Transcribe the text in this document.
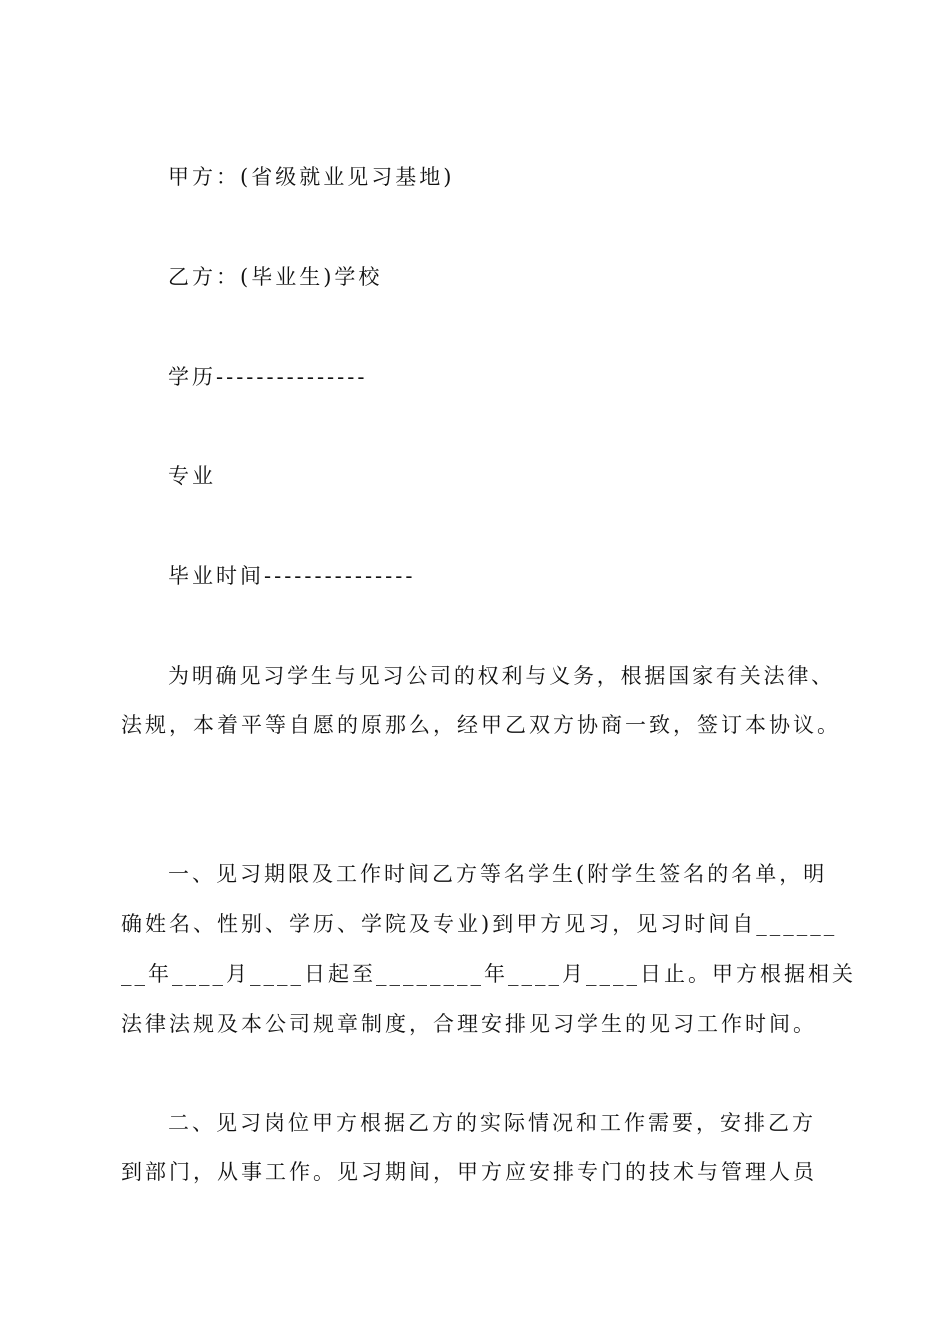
甲方：(省级就业见习基地)
乙方：(毕业生)学校
学历---------------
专业
毕业时间---------------
为明确见习学生与见习公司的权利与义务，根据国家有关法律、
法规，本着平等自愿的原那么，经甲乙双方协商一致，签订本协议。
一、见习期限及工作时间乙方等名学生(附学生签名的名单，明
确姓名、性别、学历、学院及专业)到甲方见习，见习时间自______
__年____月____日起至________年____月____日止。甲方根据相关
法律法规及本公司规章制度，合理安排见习学生的见习工作时间。
二、见习岗位甲方根据乙方的实际情况和工作需要，安排乙方
到部门，从事工作。见习期间，甲方应安排专门的技术与管理人员
